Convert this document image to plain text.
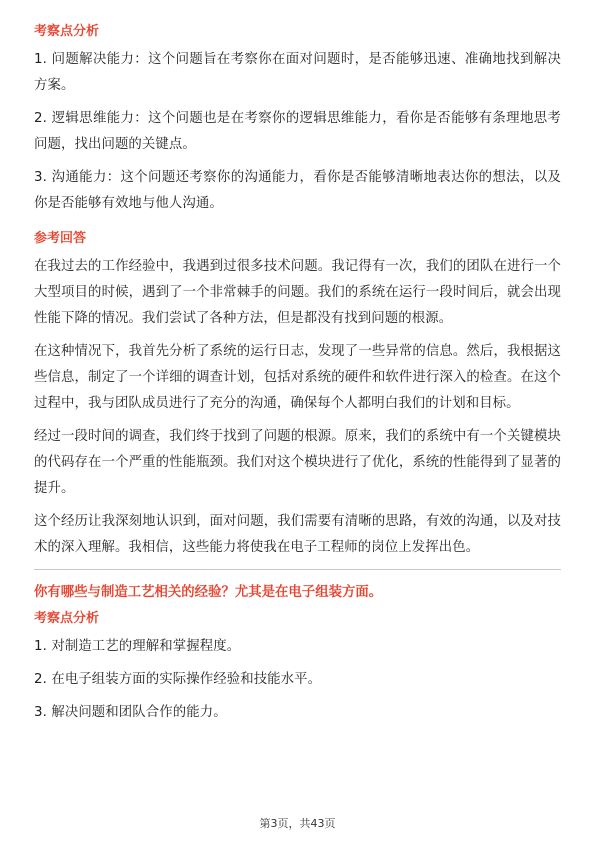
考察点分析

1. 问题解决能力：这个问题旨在考察你在面对问题时，是否能够迅速、准确地找到解决方案。

2. 逻辑思维能力：这个问题也是在考察你的逻辑思维能力，看你是否能够有条理地思考问题，找出问题的关键点。

3. 沟通能力：这个问题还考察你的沟通能力，看你是否能够清晰地表达你的想法，以及你是否能够有效地与他人沟通。

参考回答

在我过去的工作经验中，我遇到过很多技术问题。我记得有一次，我们的团队在进行一个大型项目的时候，遇到了一个非常棘手的问题。我们的系统在运行一段时间后，就会出现性能下降的情况。我们尝试了各种方法，但是都没有找到问题的根源。

在这种情况下，我首先分析了系统的运行日志，发现了一些异常的信息。然后，我根据这些信息，制定了一个详细的调查计划，包括对系统的硬件和软件进行深入的检查。在这个过程中，我与团队成员进行了充分的沟通，确保每个人都明白我们的计划和目标。

经过一段时间的调查，我们终于找到了问题的根源。原来，我们的系统中有一个关键模块的代码存在一个严重的性能瓶颈。我们对这个模块进行了优化，系统的性能得到了显著的提升。

这个经历让我深刻地认识到，面对问题，我们需要有清晰的思路，有效的沟通，以及对技术的深入理解。我相信，这些能力将使我在电子工程师的岗位上发挥出色。

你有哪些与制造工艺相关的经验？尤其是在电子组装方面。
考察点分析

1. 对制造工艺的理解和掌握程度。

2. 在电子组装方面的实际操作经验和技能水平。

3. 解决问题和团队合作的能力。

第3页，共43页
